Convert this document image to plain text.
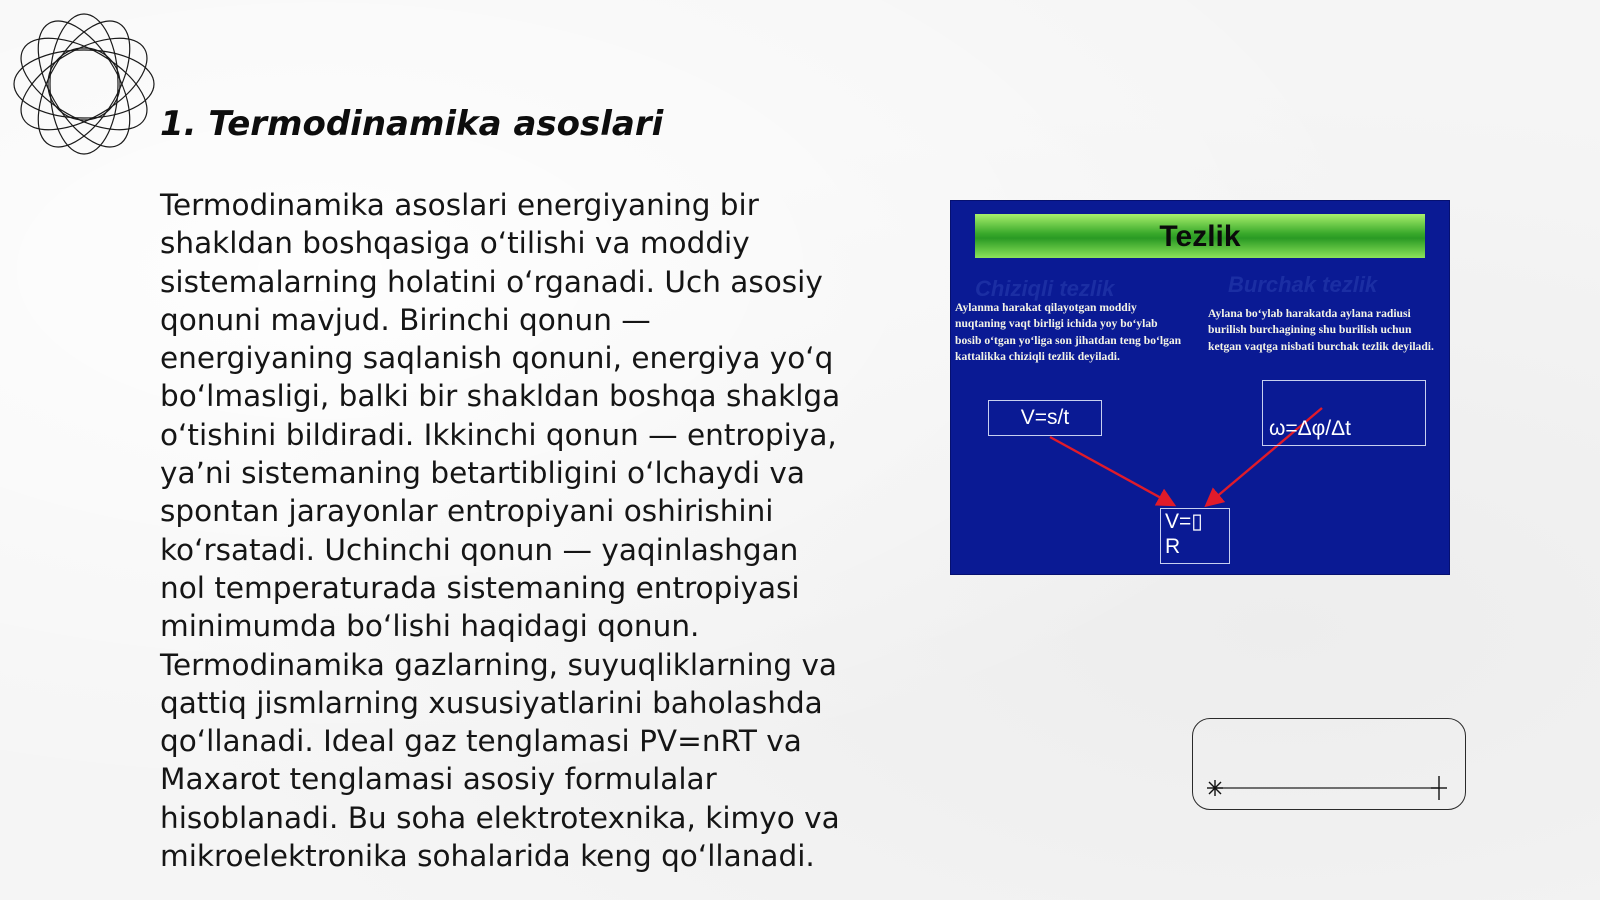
1. Termodinamika asoslari
Termodinamika asoslari energiyaning bir shakldan boshqasiga o‘tilishi va moddiy sistemalarning holatini o‘rganadi. Uch asosiy qonuni mavjud. Birinchi qonun — energiyaning saqlanish qonuni, energiya yo‘q bo‘lmasligi, balki bir shakldan boshqa shaklga o‘tishini bildiradi. Ikkinchi qonun — entropiya, ya’ni sistemaning betartibligini o‘lchaydi va spontan jarayonlar entropiyani oshirishini ko‘rsatadi. Uchinchi qonun — yaqinlashgan nol temperaturada sistemaning entropiyasi minimumda bo‘lishi haqidagi qonun. Termodinamika gazlarning, suyuqliklarning va qattiq jismlarning xususiyatlarini baholashda qo‘llanadi. Ideal gaz tenglamasi PV=nRT va Maxarot tenglamasi asosiy formulalar hisoblanadi. Bu soha elektrotexnika, kimyo va mikroelektronika sohalarida keng qo‘llanadi.
Tezlik
Chiziqli tezlik	Burchak tezlik
Aylanma harakat qilayotgan moddiy nuqtaning vaqt birligi ichida yoy bo‘ylab bosib o‘tgan yo‘liga son jihatdan teng bo‘lgan kattalikka chiziqli tezlik deyiladi.
Aylana bo‘ylab harakatda aylana radiusi burilish burchagining shu burilish uchun ketgan vaqtga nisbati burchak tezlik deyiladi.
V=s/t	ω=Δφ/Δt
V=▯
R
